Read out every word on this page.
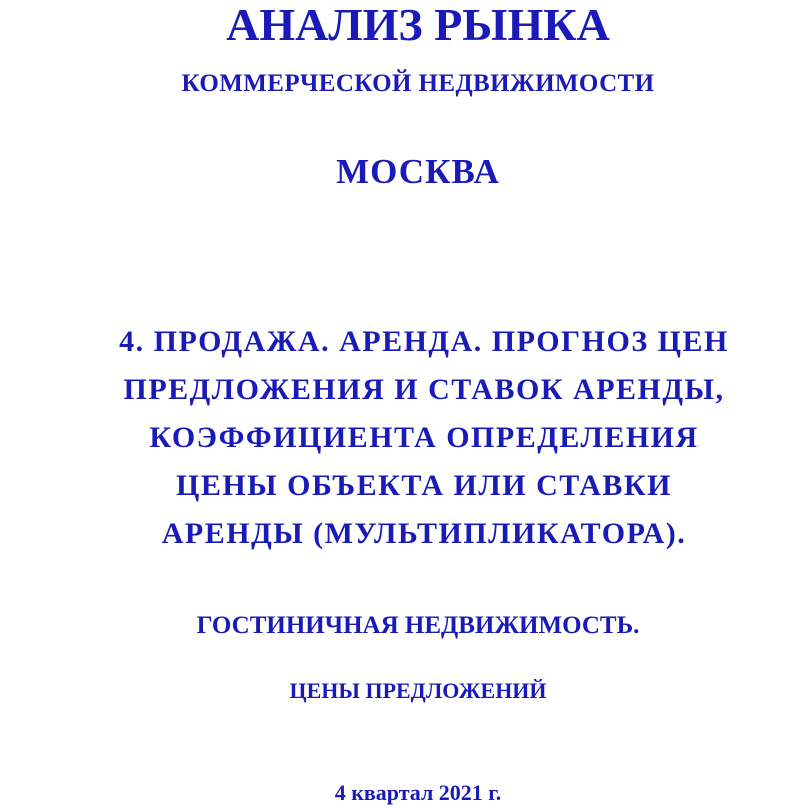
АНАЛИЗ РЫНКА
КОММЕРЧЕСКОЙ НЕДВИЖИМОСТИ
МОСКВА
4. ПРОДАЖА. АРЕНДА. ПРОГНОЗ ЦЕН
ПРЕДЛОЖЕНИЯ И СТАВОК АРЕНДЫ,
КОЭФФИЦИЕНТА ОПРЕДЕЛЕНИЯ
ЦЕНЫ ОБЪЕКТА ИЛИ СТАВКИ
АРЕНДЫ (МУЛЬТИПЛИКАТОРА).
ГОСТИНИЧНАЯ НЕДВИЖИМОСТЬ.
ЦЕНЫ ПРЕДЛОЖЕНИЙ
4 квартал 2021 г.
